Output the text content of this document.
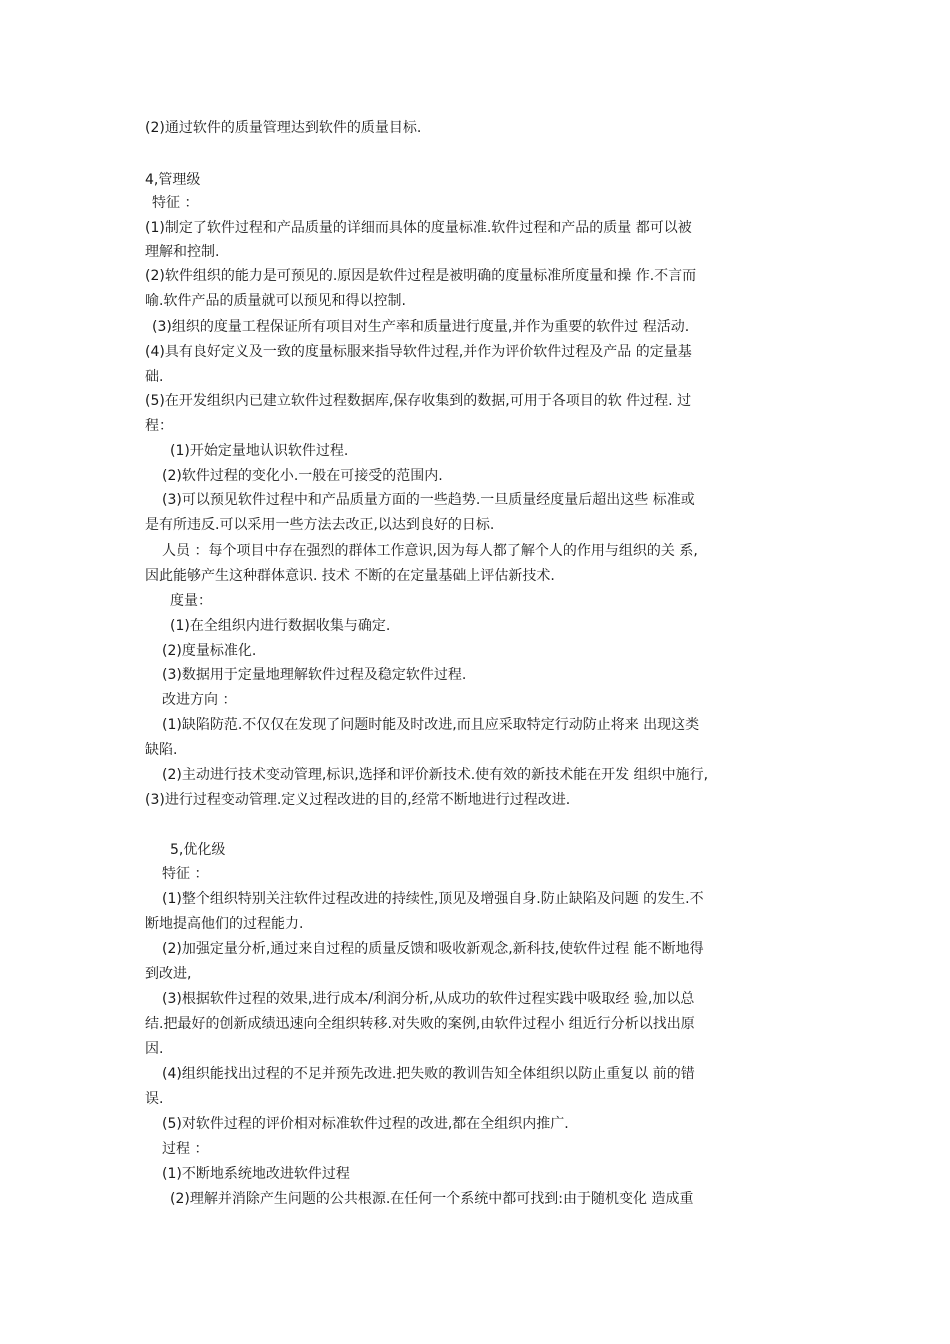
(2)通过软件的质量管理达到软件的质量目标.
4,管理级
特征 ：
(1)制定了软件过程和产品质量的详细而具体的度量标准.软件过程和产品的质量 都可以被
理解和控制.
(2)软件组织的能力是可预见的.原因是软件过程是被明确的度量标准所度量和操 作.不言而
喻.软件产品的质量就可以预见和得以控制.
(3)组织的度量工程保证所有项目对生产率和质量进行度量,并作为重要的软件过 程活动.
(4)具有良好定义及一致的度量标服来指导软件过程,并作为评价软件过程及产品 的定量基
础.
(5)在开发组织内已建立软件过程数据库,保存收集到的数据,可用于各项目的软 件过程. 过
程：
(1)开始定量地认识软件过程.
(2)软件过程的变化小.一般在可接受的范围内.
(3)可以预见软件过程中和产品质量方面的一些趋势.一旦质量经度量后超出这些 标准或
是有所违反.可以采用一些方法去改正,以达到良好的日标.
人员 ：每个项目中存在强烈的群体工作意识,因为每人都了解个人的作用与组织的关 系,
因此能够产生这种群体意识. 技术 不断的在定量基础上评估新技术.
度量：
(1)在全组织内进行数据收集与确定.
(2)度量标准化.
(3)数据用于定量地理解软件过程及稳定软件过程.
改进方向 ：
(1)缺陷防范.不仅仅在发现了问题时能及时改进,而且应采取特定行动防止将来 出现这类
缺陷.
(2)主动进行技术变动管理,标识,选择和评价新技术.使有效的新技术能在开发 组织中施行,
(3)进行过程变动管理.定义过程改进的目的,经常不断地进行过程改进.
5,优化级
特征 ：
(1)整个组织特别关注软件过程改进的持续性,顶见及增强自身.防止缺陷及问题 的发生.不
断地提高他们的过程能力.
(2)加强定量分析,通过来自过程的质量反馈和吸收新观念,新科技,使软件过程 能不断地得
到改进,
(3)根据软件过程的效果,进行成本/利润分析,从成功的软件过程实践中吸取经 验,加以总
结.把最好的创新成绩迅速向全组织转移.对失败的案例,由软件过程小 组近行分析以找出原
因.
(4)组织能找出过程的不足并预先改进.把失败的教训告知全体组织以防止重复以 前的错
误.
(5)对软件过程的评价相对标准软件过程的改进,都在全组织内推广.
过程 ：
(1)不断地系统地改进软件过程
(2)理解并消除产生问题的公共根源.在任何一个系统中都可找到:由于随机变化 造成重
